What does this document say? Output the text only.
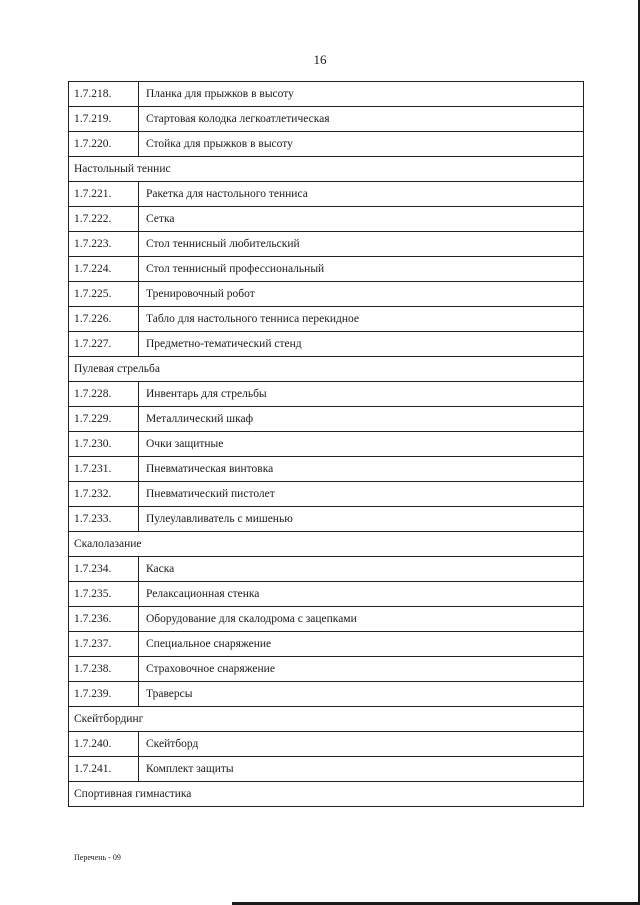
16
1.7.218.	Планка для прыжков в высоту
1.7.219.	Стартовая колодка легкоатлетическая
1.7.220.	Стойка для прыжков в высоту
Настольный теннис	
1.7.221.	Ракетка для настольного тенниса
1.7.222.	Сетка
1.7.223.	Стол теннисный любительский
1.7.224.	Стол теннисный профессиональный
1.7.225.	Тренировочный робот
1.7.226.	Табло для настольного тенниса перекидное
1.7.227.	Предметно-тематический стенд
Пулевая стрельба	
1.7.228.	Инвентарь для стрельбы
1.7.229.	Металлический шкаф
1.7.230.	Очки защитные
1.7.231.	Пневматическая винтовка
1.7.232.	Пневматический пистолет
1.7.233.	Пулеулавливатель с мишенью
Скалолазание	
1.7.234.	Каска
1.7.235.	Релаксационная стенка
1.7.236.	Оборудование для скалодрома с зацепками
1.7.237.	Специальное снаряжение
1.7.238.	Страховочное снаряжение
1.7.239.	Траверсы
Скейтбординг	
1.7.240.	Скейтборд
1.7.241.	Комплект защиты
Спортивная гимнастика	
Перечень - 09
